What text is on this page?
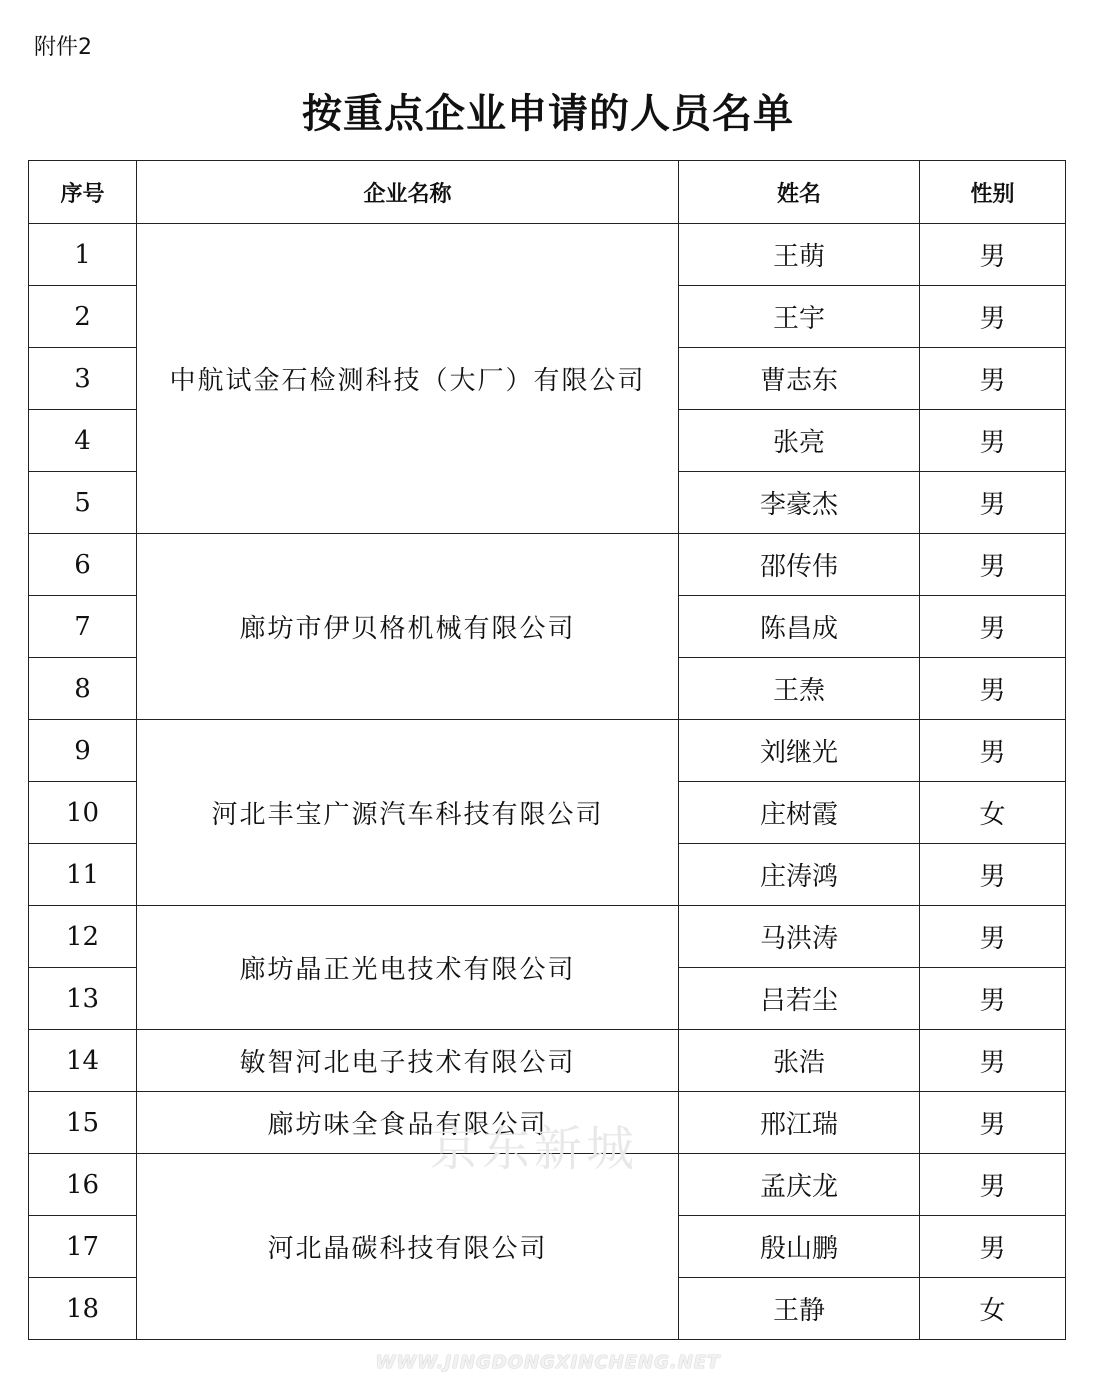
附件2
按重点企业申请的人员名单
序号	企业名称	姓名	性别
1	中航试金石检测科技（大厂）有限公司	王萌	男
2		王宇	男
3		曹志东	男
4		张亮	男
5		李豪杰	男
6	廊坊市伊贝格机械有限公司	邵传伟	男
7		陈昌成	男
8		王焘	男
9	河北丰宝广源汽车科技有限公司	刘继光	男
10		庄树霞	女
11		庄涛鸿	男
12	廊坊晶正光电技术有限公司	马洪涛	男
13		吕若尘	男
14	敏智河北电子技术有限公司	张浩	男
15	廊坊味全食品有限公司	邢江瑞	男
16	河北晶碳科技有限公司	孟庆龙	男
17		殷山鹏	男
18		王静	女
京东新城
WWW.JINGDONGXINCHENG.NET
